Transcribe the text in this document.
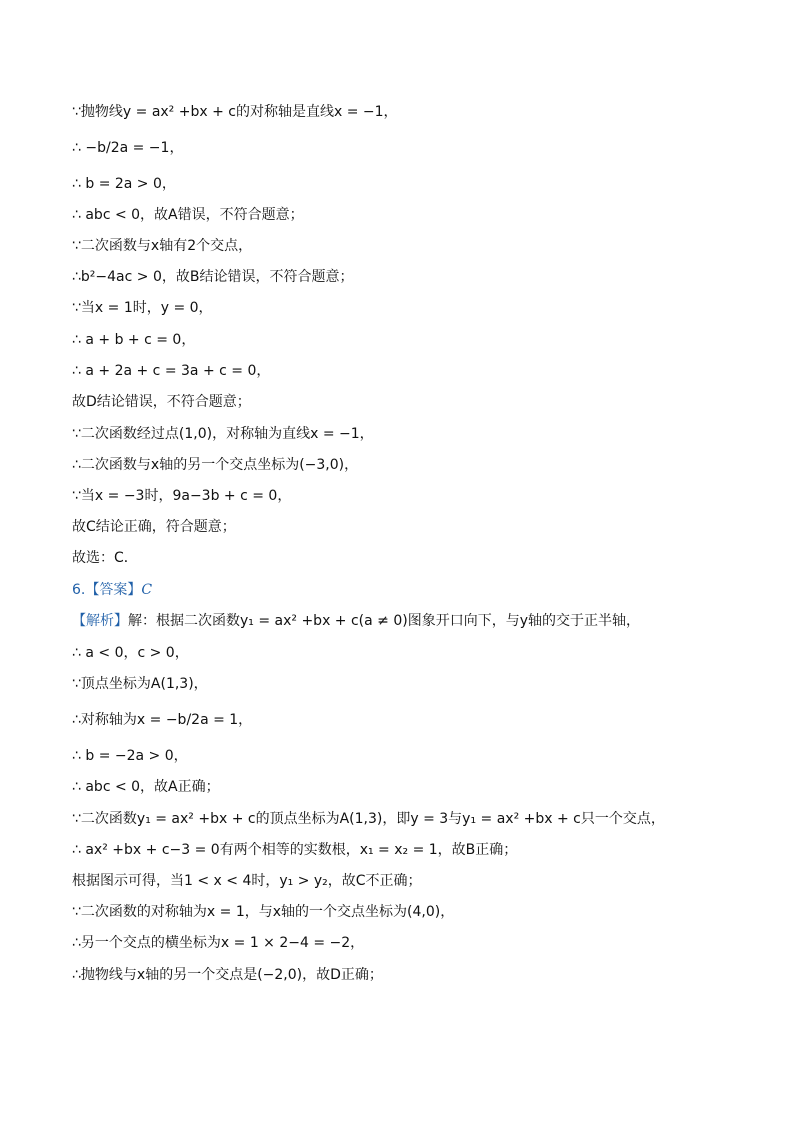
∵抛物线y = ax² +bx + c的对称轴是直线x = −1，
∴ −b/2a = −1，
∴ b = 2a > 0，
∴ abc < 0，故A错误，不符合题意；
∵二次函数与x轴有2个交点，
∴b²−4ac > 0，故B结论错误，不符合题意；
∵当x = 1时，y = 0，
∴ a + b + c = 0，
∴ a + 2a + c = 3a + c = 0，
故D结论错误，不符合题意；
∵二次函数经过点(1,0)，对称轴为直线x = −1，
∴二次函数与x轴的另一个交点坐标为(−3,0)，
∵当x = −3时，9a−3b + c = 0，
故C结论正确，符合题意；
故选：C．
6.【答案】C
【解析】解：根据二次函数y₁ = ax² +bx + c(a ≠ 0)图象开口向下，与y轴的交于正半轴，
∴ a < 0，c > 0，
∵顶点坐标为A(1,3)，
∴对称轴为x = −b/2a = 1，
∴ b = −2a > 0，
∴ abc < 0，故A正确；
∵二次函数y₁ = ax² +bx + c的顶点坐标为A(1,3)，即y = 3与y₁ = ax² +bx + c只一个交点，
∴ ax² +bx + c−3 = 0有两个相等的实数根，x₁ = x₂ = 1，故B正确；
根据图示可得，当1 < x < 4时，y₁ > y₂，故C不正确；
∵二次函数的对称轴为x = 1，与x轴的一个交点坐标为(4,0)，
∴另一个交点的横坐标为x = 1 × 2−4 = −2，
∴抛物线与x轴的另一个交点是(−2,0)，故D正确；
